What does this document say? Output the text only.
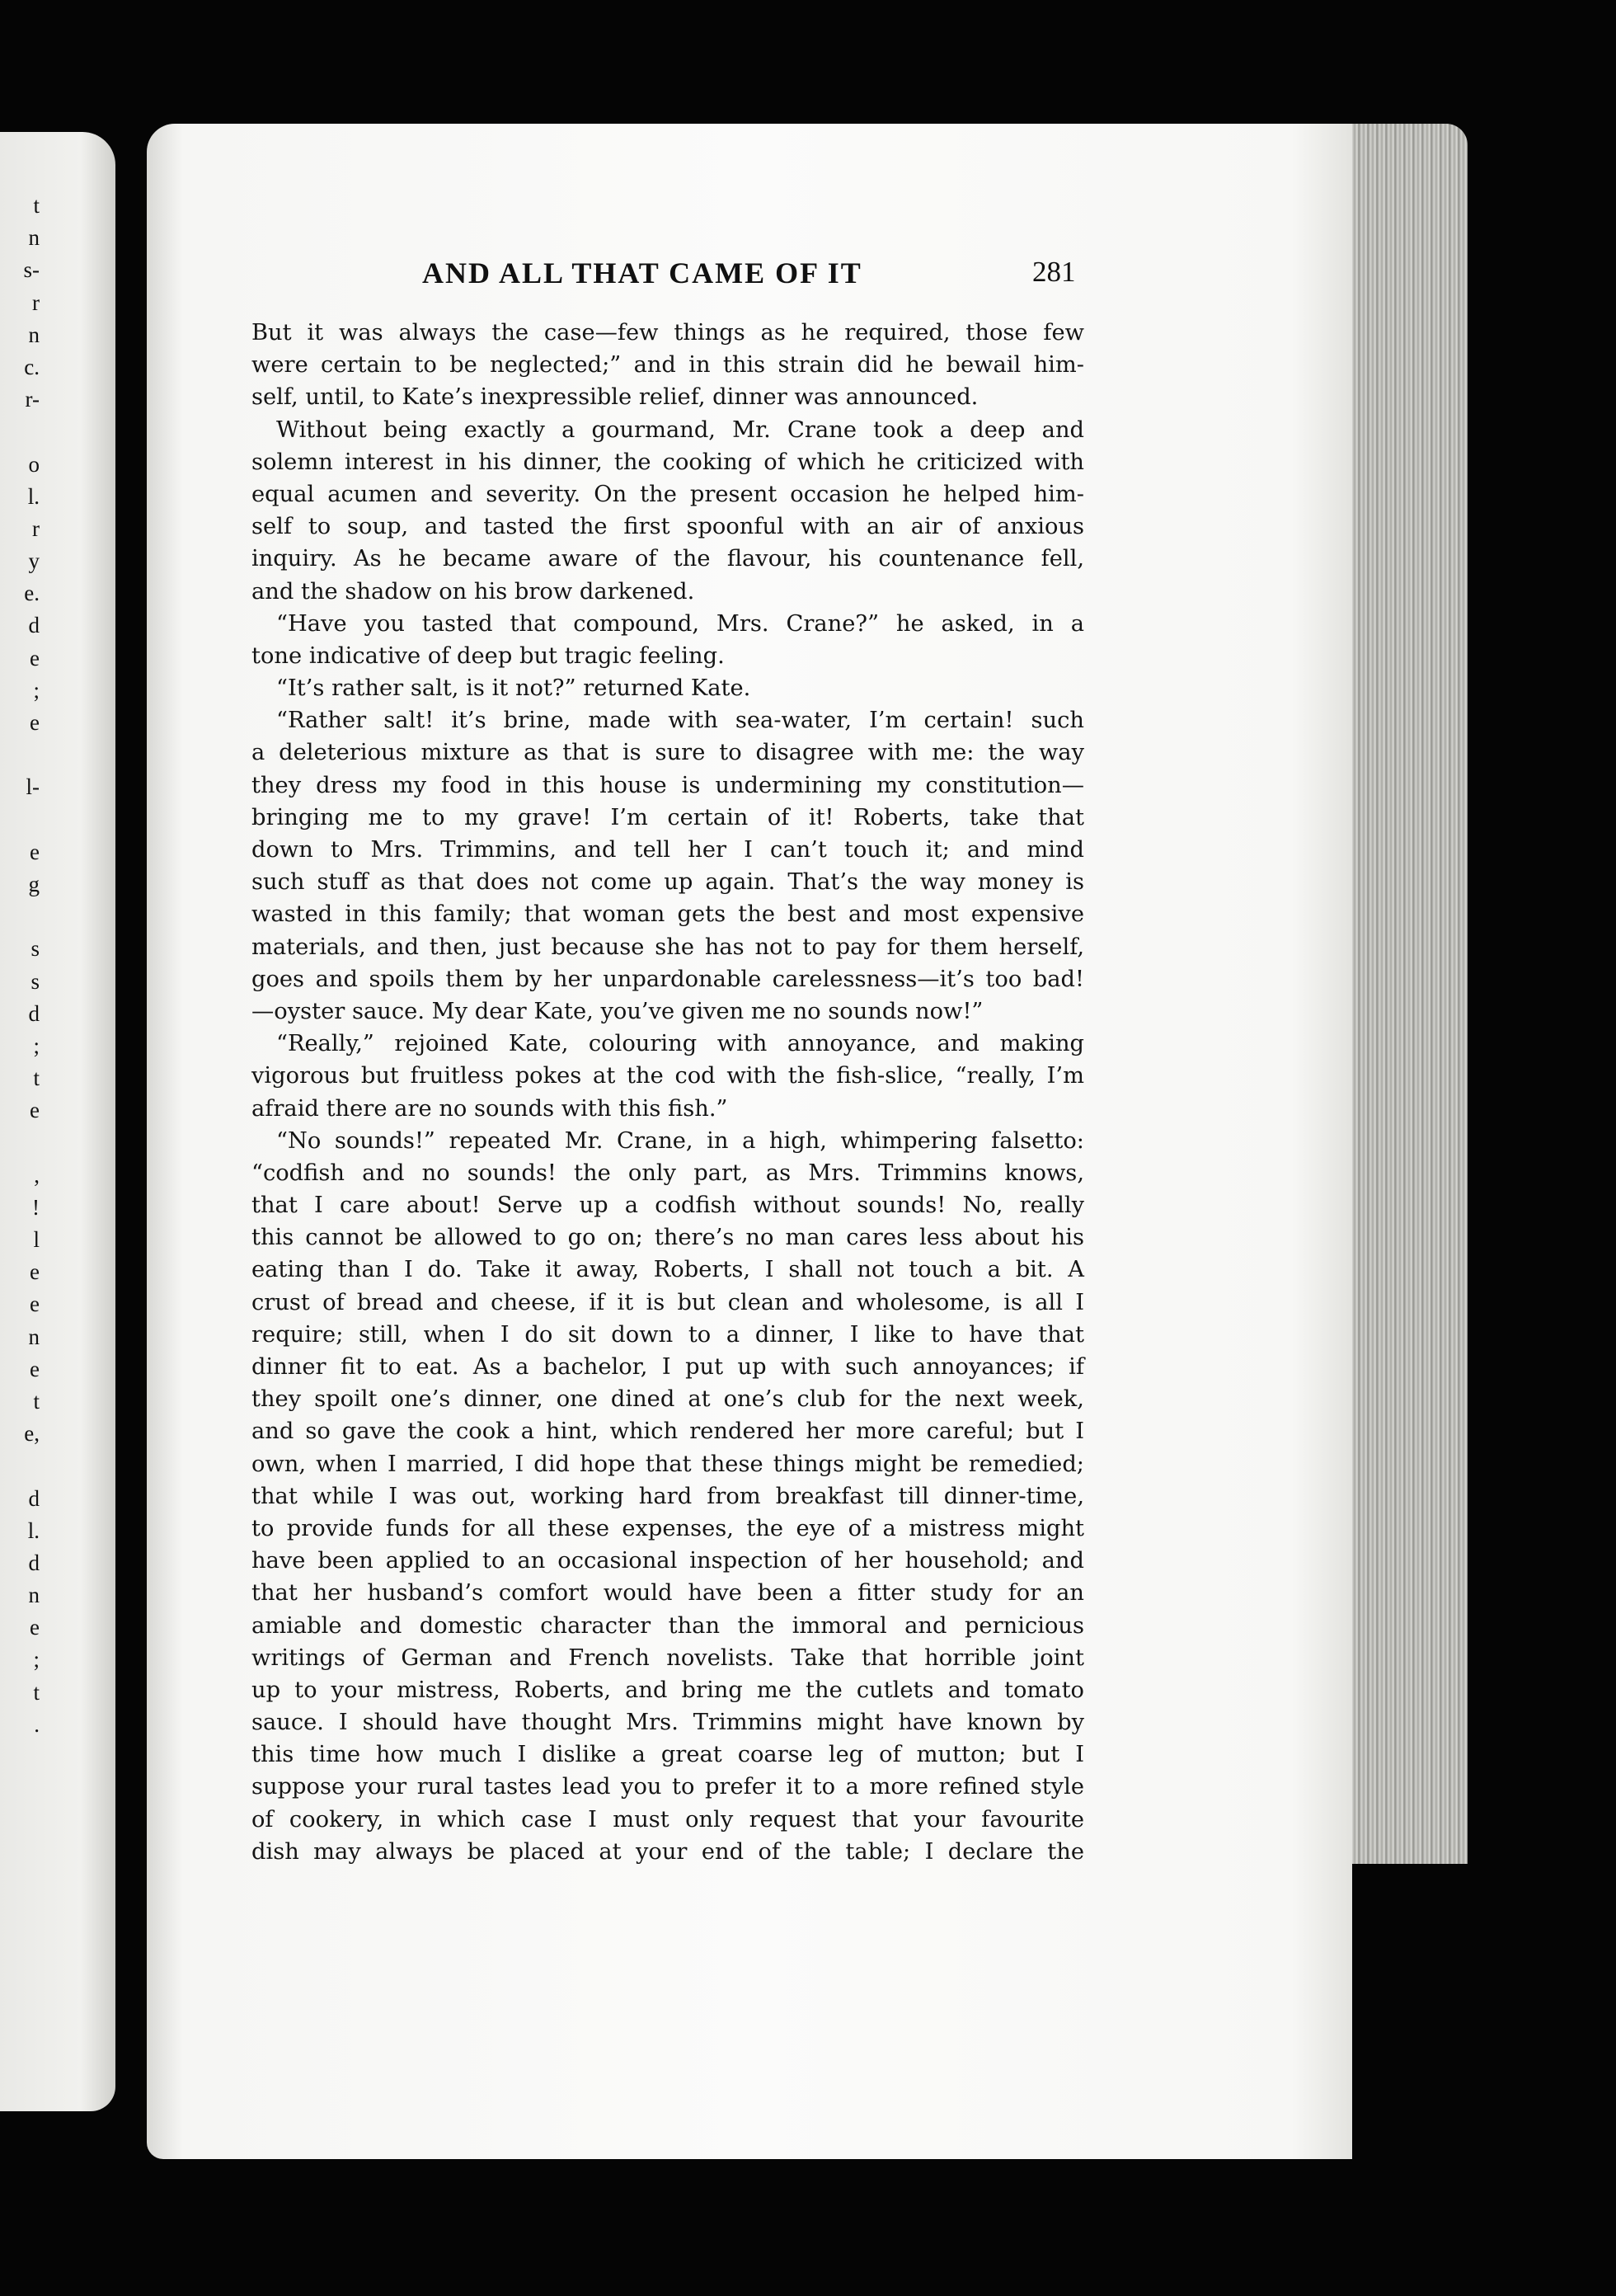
t
n
s-
r
n
c.
r-
o
l.
r
y
e.
d
e
;
e
l-
e
g
s
s
d
;
t
e
,
!
l
e
e
n
e
t
e,
d
l.
d
n
e
;
t
.
AND ALL THAT CAME OF IT	281
But it was always the case—few things as he required, those few
were certain to be neglected;” and in this strain did he bewail him-
self, until, to Kate’s inexpressible relief, dinner was announced.
Without being exactly a gourmand, Mr. Crane took a deep and
solemn interest in his dinner, the cooking of which he criticized with
equal acumen and severity. On the present occasion he helped him-
self to soup, and tasted the first spoonful with an air of anxious
inquiry. As he became aware of the flavour, his countenance fell,
and the shadow on his brow darkened.
“Have you tasted that compound, Mrs. Crane?” he asked, in a
tone indicative of deep but tragic feeling.
“It’s rather salt, is it not?” returned Kate.
“Rather salt! it’s brine, made with sea-water, I’m certain! such
a deleterious mixture as that is sure to disagree with me: the way
they dress my food in this house is undermining my constitution—
bringing me to my grave! I’m certain of it! Roberts, take that
down to Mrs. Trimmins, and tell her I can’t touch it; and mind
such stuff as that does not come up again. That’s the way money is
wasted in this family; that woman gets the best and most expensive
materials, and then, just because she has not to pay for them herself,
goes and spoils them by her unpardonable carelessness—it’s too bad!
—oyster sauce. My dear Kate, you’ve given me no sounds now!”
“Really,” rejoined Kate, colouring with annoyance, and making
vigorous but fruitless pokes at the cod with the fish-slice, “really, I’m
afraid there are no sounds with this fish.”
“No sounds!” repeated Mr. Crane, in a high, whimpering falsetto:
“codfish and no sounds! the only part, as Mrs. Trimmins knows,
that I care about! Serve up a codfish without sounds! No, really
this cannot be allowed to go on; there’s no man cares less about his
eating than I do. Take it away, Roberts, I shall not touch a bit. A
crust of bread and cheese, if it is but clean and wholesome, is all I
require; still, when I do sit down to a dinner, I like to have that
dinner fit to eat. As a bachelor, I put up with such annoyances; if
they spoilt one’s dinner, one dined at one’s club for the next week,
and so gave the cook a hint, which rendered her more careful; but I
own, when I married, I did hope that these things might be remedied;
that while I was out, working hard from breakfast till dinner-time,
to provide funds for all these expenses, the eye of a mistress might
have been applied to an occasional inspection of her household; and
that her husband’s comfort would have been a fitter study for an
amiable and domestic character than the immoral and pernicious
writings of German and French novelists. Take that horrible joint
up to your mistress, Roberts, and bring me the cutlets and tomato
sauce. I should have thought Mrs. Trimmins might have known by
this time how much I dislike a great coarse leg of mutton; but I
suppose your rural tastes lead you to prefer it to a more refined style
of cookery, in which case I must only request that your favourite
dish may always be placed at your end of the table; I declare the
